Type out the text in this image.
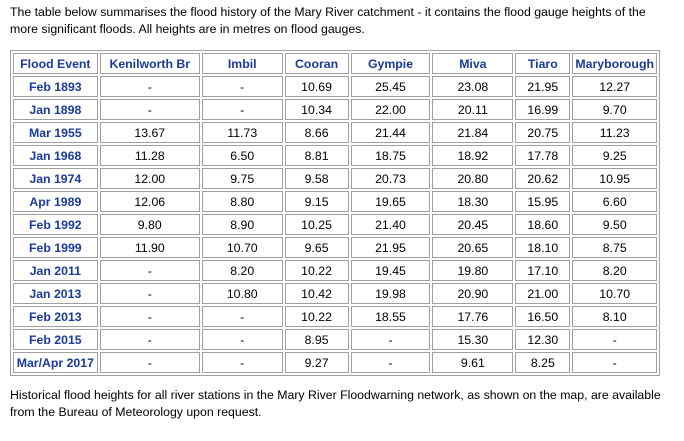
The table below summarises the flood history of the Mary River catchment - it contains the flood gauge heights of the more significant floods. All heights are in metres on flood gauges.

Flood Event	Kenilworth Br	Imbil	Cooran	Gympie	Miva	Tiaro	Maryborough
Feb 1893	-	-	10.69	25.45	23.08	21.95	12.27
Jan 1898	-	-	10.34	22.00	20.11	16.99	9.70
Mar 1955	13.67	11.73	8.66	21.44	21.84	20.75	11.23
Jan 1968	11.28	6.50	8.81	18.75	18.92	17.78	9.25
Jan 1974	12.00	9.75	9.58	20.73	20.80	20.62	10.95
Apr 1989	12.06	8.80	9.15	19.65	18.30	15.95	6.60
Feb 1992	9.80	8.90	10.25	21.40	20.45	18.60	9.50
Feb 1999	11.90	10.70	9.65	21.95	20.65	18.10	8.75
Jan 2011	-	8.20	10.22	19.45	19.80	17.10	8.20
Jan 2013	-	10.80	10.42	19.98	20.90	21.00	10.70
Feb 2013	-	-	10.22	18.55	17.76	16.50	8.10
Feb 2015	-	-	8.95	-	15.30	12.30	-
Mar/Apr 2017	-	-	9.27	-	9.61	8.25	-

Historical flood heights for all river stations in the Mary River Floodwarning network, as shown on the map, are available from the Bureau of Meteorology upon request.
